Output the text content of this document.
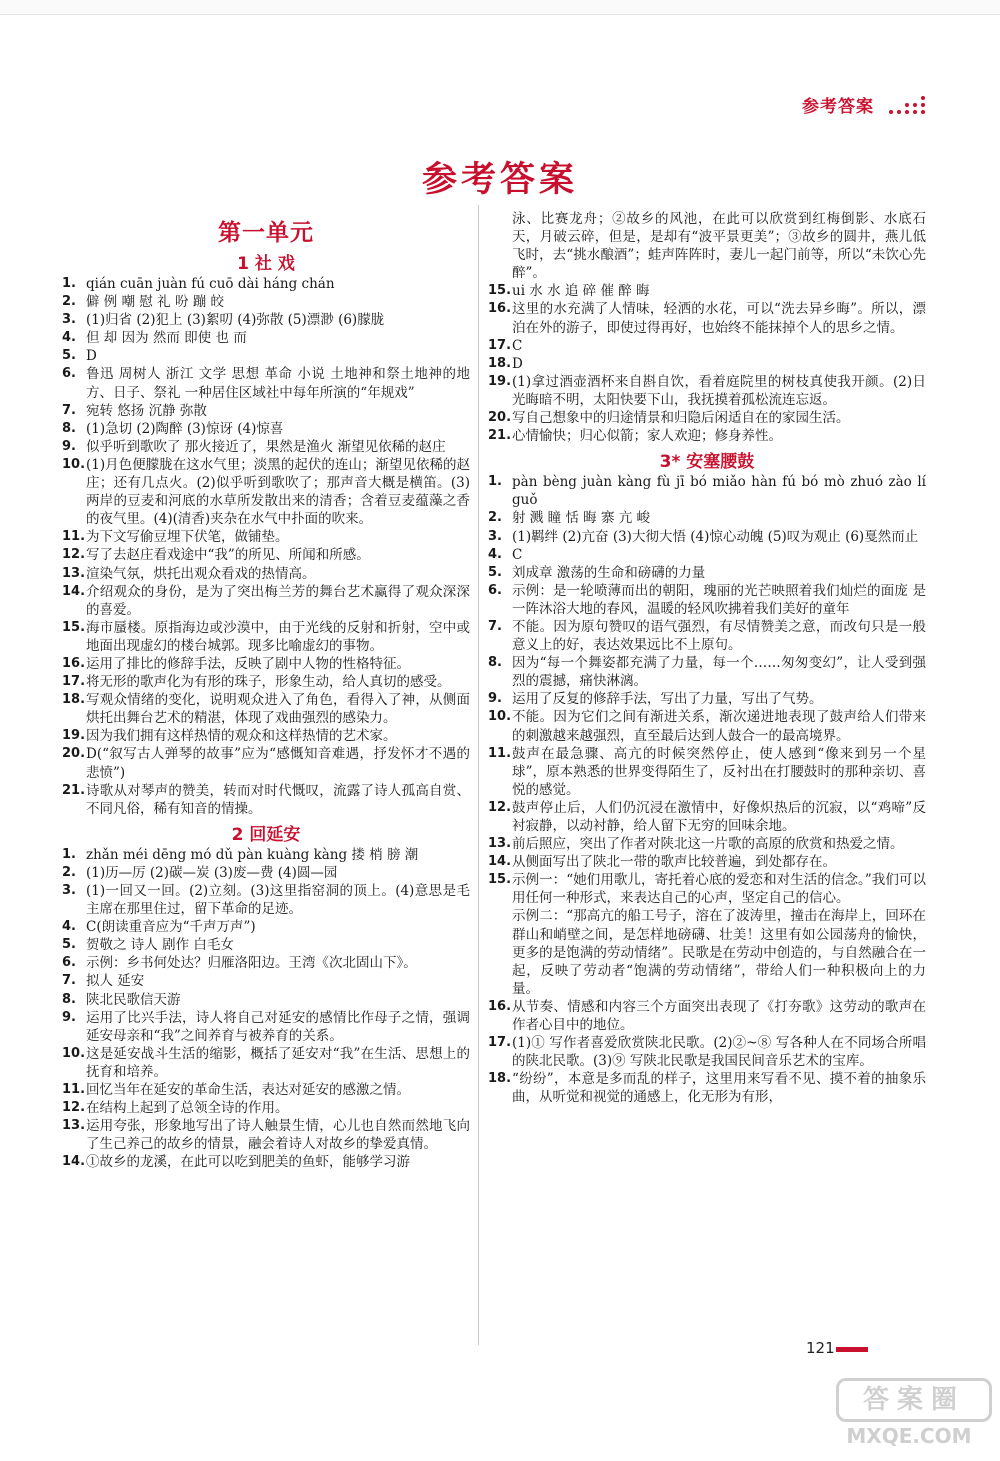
参考答案
参考答案
第一单元
1 社 戏
1. qián cuān juàn fú cuō dài háng chán
2. 僻 例 嘲 慰 礼 吩 蹦 皎
3. (1)归省 (2)犯上 (3)絮叨 (4)弥散 (5)漂渺 (6)朦胧
4. 但 却 因为 然而 即使 也 而
5. D
6. 鲁迅 周树人 浙江 文学 思想 革命 小说 土地神和祭土地神的地方、日子、祭礼 一种居住区域社中每年所演的“年规戏”
7. 宛转 悠扬 沉静 弥散
8. (1)急切 (2)陶醉 (3)惊讶 (4)惊喜
9. 似乎听到歌吹了 那火接近了，果然是渔火 渐望见依稀的赵庄
10. (1)月色便朦胧在这水气里；淡黑的起伏的连山；渐望见依稀的赵庄；还有几点火。(2)似乎听到歌吹了；那声音大概是横笛。(3)两岸的豆麦和河底的水草所发散出来的清香；含着豆麦蕴藻之香的夜气里。(4)(清香)夹杂在水气中扑面的吹来。
11. 为下文写偷豆埋下伏笔，做铺垫。
12. 写了去赵庄看戏途中“我”的所见、所闻和所感。
13. 渲染气氛，烘托出观众看戏的热情高。
14. 介绍观众的身份，是为了突出梅兰芳的舞台艺术赢得了观众深深的喜爱。
15. 海市蜃楼。原指海边或沙漠中，由于光线的反射和折射，空中或地面出现虚幻的楼台城郭。现多比喻虚幻的事物。
16. 运用了排比的修辞手法，反映了剧中人物的性格特征。
17. 将无形的歌声化为有形的珠子，形象生动，给人真切的感受。
18. 写观众情绪的变化，说明观众进入了角色，看得入了神，从侧面烘托出舞台艺术的精湛，体现了戏曲强烈的感染力。
19. 因为我们拥有这样热情的观众和这样热情的艺术家。
20. D(“叙写古人弹琴的故事”应为“感慨知音难遇，抒发怀才不遇的悲愤”)
21. 诗歌从对琴声的赞美，转而对时代慨叹，流露了诗人孤高自赏、不同凡俗，稀有知音的情操。
2 回延安
1. zhǎn méi dēng mó dǔ pàn kuàng kàng 搂 梢 膀 潮
2. (1)历—厉 (2)碳—炭 (3)废—费 (4)圆—园
3. (1)一回又一回。(2)立刻。(3)这里指窑洞的顶上。(4)意思是毛主席在那里住过，留下革命的足迹。
4. C(朗读重音应为“千声万声”)
5. 贺敬之 诗人 剧作 白毛女
6. 示例：乡书何处达？归雁洛阳边。王湾《次北固山下》。
7. 拟人 延安
8. 陕北民歌信天游
9. 运用了比兴手法，诗人将自己对延安的感情比作母子之情，强调延安母亲和“我”之间养育与被养育的关系。
10. 这是延安战斗生活的缩影，概括了延安对“我”在生活、思想上的抚育和培养。
11. 回忆当年在延安的革命生活，表达对延安的感激之情。
12. 在结构上起到了总领全诗的作用。
13. 运用夸张，形象地写出了诗人触景生情，心儿也自然而然地飞向了生己养己的故乡的情景，融会着诗人对故乡的挚爱真情。
14. ①故乡的龙溪，在此可以吃到肥美的鱼虾，能够学习游
泳、比赛龙舟；②故乡的风池，在此可以欣赏到红梅倒影、水底石天，月破云碎，但是，是却有“波平景更美”；③故乡的圆井，燕儿低飞时，去“挑水酿酒”；蛙声阵阵时，妻儿一起门前等，所以“未饮心先醉”。
15. ui 水 水 追 碎 催 醉 晦
16. 这里的水充满了人情味，轻洒的水花，可以“洗去异乡晦”。所以，漂泊在外的游子，即使过得再好，也始终不能抹掉个人的思乡之情。
17. C
18. D
19. (1)拿过酒壶酒杯来自斟自饮，看着庭院里的树枝真使我开颜。(2)日光晦暗不明，太阳快要下山，我抚摸着孤松流连忘返。
20. 写自己想象中的归途情景和归隐后闲适自在的家园生活。
21. 心情愉快；归心似箭；家人欢迎；修身养性。
3* 安塞腰鼓
1. pàn bèng juàn kàng fù jī bó miǎo hàn fú bó mò zhuó zào lí guǒ
2. 射 溅 瞳 恬 晦 寨 亢 峻
3. (1)羁绊 (2)亢奋 (3)大彻大悟 (4)惊心动魄 (5)叹为观止 (6)戛然而止
4. C
5. 刘成章 激荡的生命和磅礴的力量
6. 示例：是一轮喷薄而出的朝阳，瑰丽的光芒映照着我们灿烂的面庞 是一阵沐浴大地的春风，温暖的轻风吹拂着我们美好的童年
7. 不能。因为原句赞叹的语气强烈，有尽情赞美之意，而改句只是一般意义上的好，表达效果远比不上原句。
8. 因为“每一个舞姿都充满了力量，每一个……匆匆变幻”，让人受到强烈的震撼，痛快淋漓。
9. 运用了反复的修辞手法，写出了力量，写出了气势。
10. 不能。因为它们之间有渐进关系，渐次递进地表现了鼓声给人们带来的刺激越来越强烈，直至最后达到人鼓合一的最高境界。
11. 鼓声在最急骤、高亢的时候突然停止，使人感到“像来到另一个星球”，原本熟悉的世界变得陌生了，反衬出在打腰鼓时的那种亲切、喜悦的感觉。
12. 鼓声停止后，人们仍沉浸在激情中，好像炽热后的沉寂，以“鸡啼”反衬寂静，以动衬静，给人留下无穷的回味余地。
13. 前后照应，突出了作者对陕北这一片歌的高原的欣赏和热爱之情。
14. 从侧面写出了陕北一带的歌声比较普遍，到处都存在。
15. 示例一：“她们用歌儿，寄托着心底的爱恋和对生活的信念。”我们可以用任何一种形式，来表达自己的心声，坚定自己的信心。
示例二：“那高亢的船工号子，溶在了波涛里，撞击在海岸上，回环在群山和峭壁之间，是怎样地磅礴、壮美！这里有如公园荡舟的愉快，更多的是饱满的劳动情绪”。民歌是在劳动中创造的，与自然融合在一起，反映了劳动者“饱满的劳动情绪”，带给人们一种积极向上的力量。
16. 从节奏、情感和内容三个方面突出表现了《打夯歌》这劳动的歌声在作者心目中的地位。
17. (1)① 写作者喜爱欣赏陕北民歌。(2)②~⑧ 写各种人在不同场合所唱的陕北民歌。(3)⑨ 写陕北民歌是我国民间音乐艺术的宝库。
18. “纷纷”，本意是多而乱的样子，这里用来写看不见、摸不着的抽象乐曲，从听觉和视觉的通感上，化无形为有形，
121
答案圈
MXQE.COM
